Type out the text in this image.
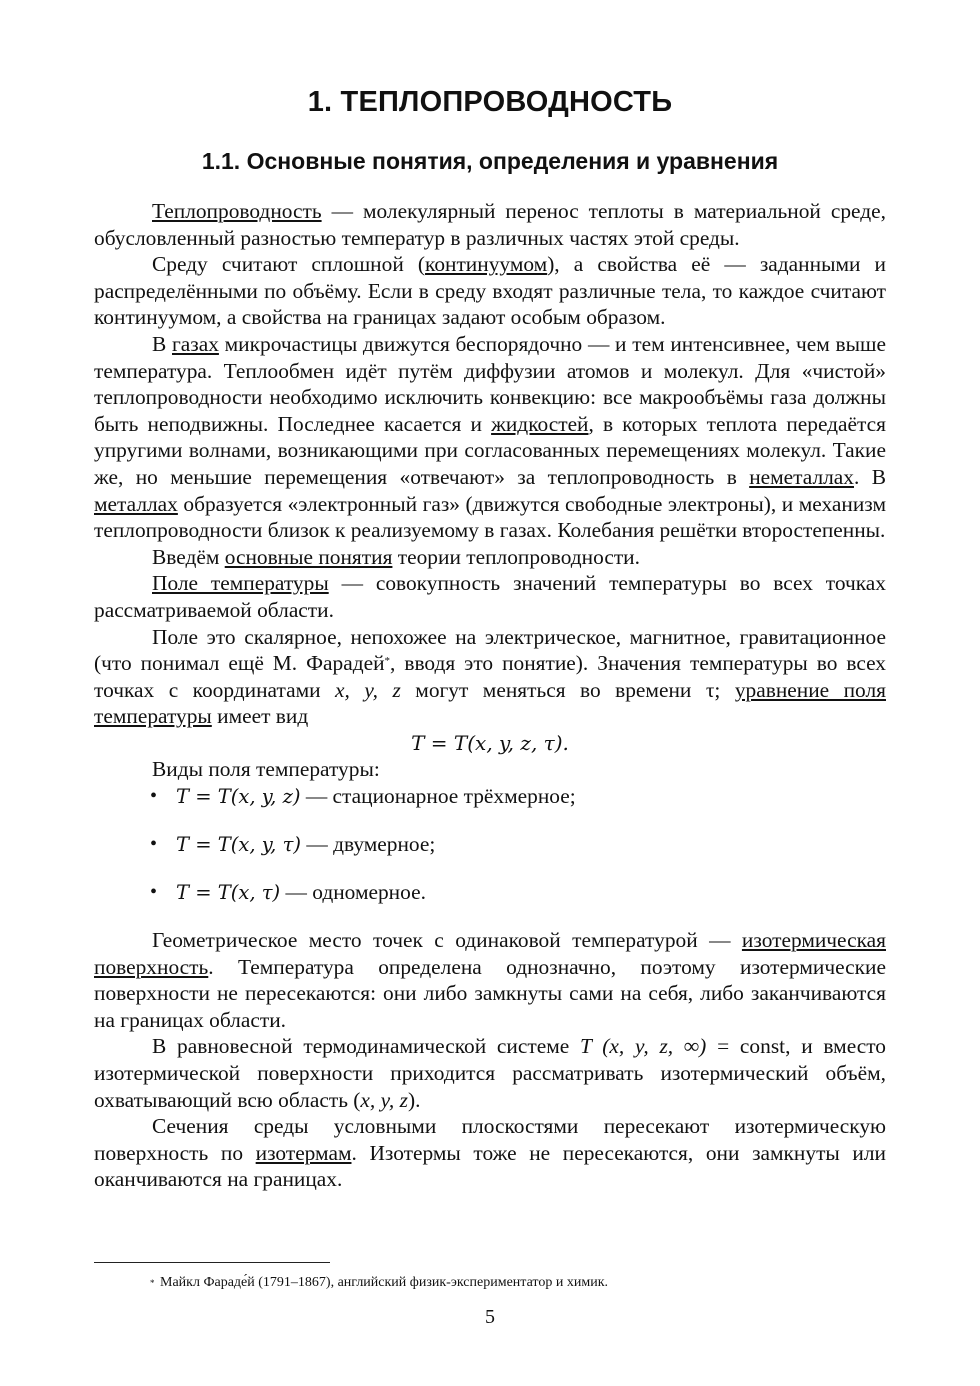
1. ТЕПЛОПРОВОДНОСТЬ
1.1. Основные понятия, определения и уравнения

Теплопроводность — молекулярный перенос теплоты в материальной среде, обусловленный разностью температур в различных частях этой среды.

Среду считают сплошной (континуумом), а свойства её — заданными и распределёнными по объёму. Если в среду входят различные тела, то каждое считают континуумом, а свойства на границах задают особым образом.

В газах микрочастицы движутся беспорядочно — и тем интенсивнее, чем выше температура. Теплообмен идёт путём диффузии атомов и молекул. Для «чистой» теплопроводности необходимо исключить конвекцию: все макрообъёмы газа должны быть неподвижны. Последнее касается и жидкостей, в которых теплота передаётся упругими волнами, возникающими при согласованных перемещениях молекул. Такие же, но меньшие перемещения «отвечают» за теплопроводность в неметаллах. В металлах образуется «электронный газ» (движутся свободные электроны), и механизм теплопроводности близок к реализуемому в газах. Колебания решётки второстепенны.

Введём основные понятия теории теплопроводности.

Поле температуры — совокупность значений температуры во всех точках рассматриваемой области.

Поле это скалярное, непохожее на электрическое, магнитное, гравитационное (что понимал ещё М. Фарадей*, вводя это понятие). Значения температуры во всех точках с координатами x, y, z могут меняться во времени τ; уравнение поля температуры имеет вид

T = T(x, y, z, τ).

Виды поля температуры:

• T = T(x, y, z) — стационарное трёхмерное;
• T = T(x, y, τ) — двумерное;
• T = T(x, τ) — одномерное.

Геометрическое место точек с одинаковой температурой — изотермическая поверхность. Температура определена однозначно, поэтому изотермические поверхности не пересекаются: они либо замкнуты сами на себя, либо заканчиваются на границах области.

В равновесной термодинамической системе T (x, y, z, ∞) = const, и вместо изотермической поверхности приходится рассматривать изотермический объём, охватывающий всю область (x, y, z).

Сечения среды условными плоскостями пересекают изотермическую поверхность по изотермам. Изотермы тоже не пересекаются, они замкнуты или оканчиваются на границах.

* Майкл Фараде́й (1791–1867), английский физик-экспериментатор и химик.
5
